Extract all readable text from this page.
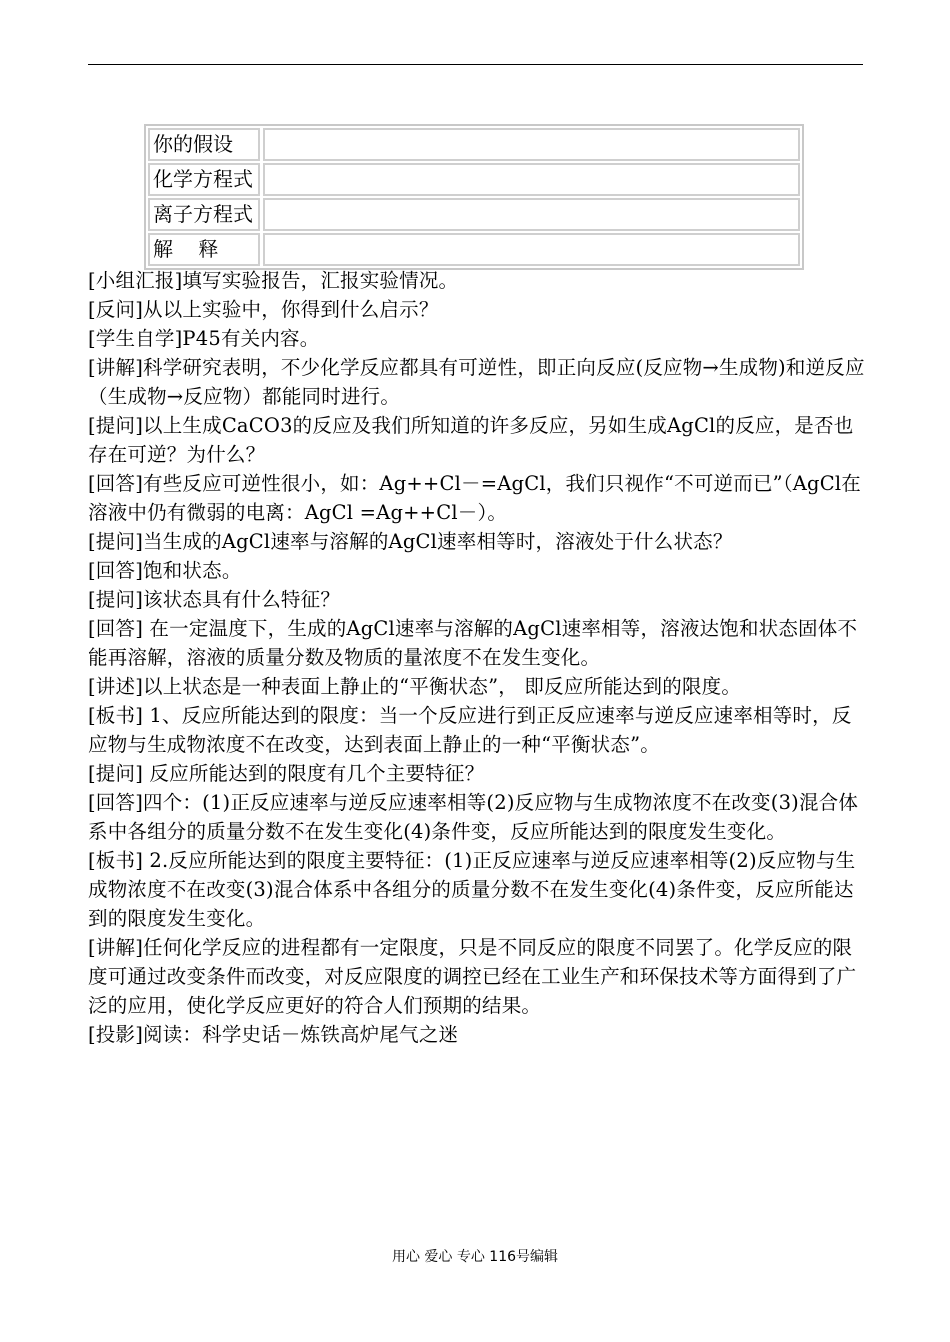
你的假设
化学方程式
离子方程式
解    释

[小组汇报]填写实验报告，汇报实验情况。

[反问]从以上实验中，你得到什么启示？

[学生自学]P45有关内容。

[讲解]科学研究表明，不少化学反应都具有可逆性，即正向反应(反应物→生成物)和逆反应（生成物→反应物）都能同时进行。

[提问]以上生成CaCO3的反应及我们所知道的许多反应，另如生成AgCl的反应，是否也存在可逆？为什么？

[回答]有些反应可逆性很小，如：Ag++Cl－=AgCl，我们只视作“不可逆而已”（AgCl在溶液中仍有微弱的电离：AgCl =Ag++Cl－）。

[提问]当生成的AgCl速率与溶解的AgCl速率相等时，溶液处于什么状态？

[回答]饱和状态。

[提问]该状态具有什么特征？

[回答] 在一定温度下，生成的AgCl速率与溶解的AgCl速率相等，溶液达饱和状态固体不能再溶解，溶液的质量分数及物质的量浓度不在发生变化。

[讲述]以上状态是一种表面上静止的“平衡状态”， 即反应所能达到的限度。

[板书] 1、反应所能达到的限度：当一个反应进行到正反应速率与逆反应速率相等时，反应物与生成物浓度不在改变，达到表面上静止的一种“平衡状态”。

[提问] 反应所能达到的限度有几个主要特征？

[回答]四个：(1)正反应速率与逆反应速率相等(2)反应物与生成物浓度不在改变(3)混合体系中各组分的质量分数不在发生变化(4)条件变，反应所能达到的限度发生变化。

[板书] 2.反应所能达到的限度主要特征：(1)正反应速率与逆反应速率相等(2)反应物与生成物浓度不在改变(3)混合体系中各组分的质量分数不在发生变化(4)条件变，反应所能达到的限度发生变化。

[讲解]任何化学反应的进程都有一定限度，只是不同反应的限度不同罢了。化学反应的限度可通过改变条件而改变，对反应限度的调控已经在工业生产和环保技术等方面得到了广泛的应用，使化学反应更好的符合人们预期的结果。

[投影]阅读：科学史话－炼铁高炉尾气之迷

用心 爱心 专心 116号编辑
